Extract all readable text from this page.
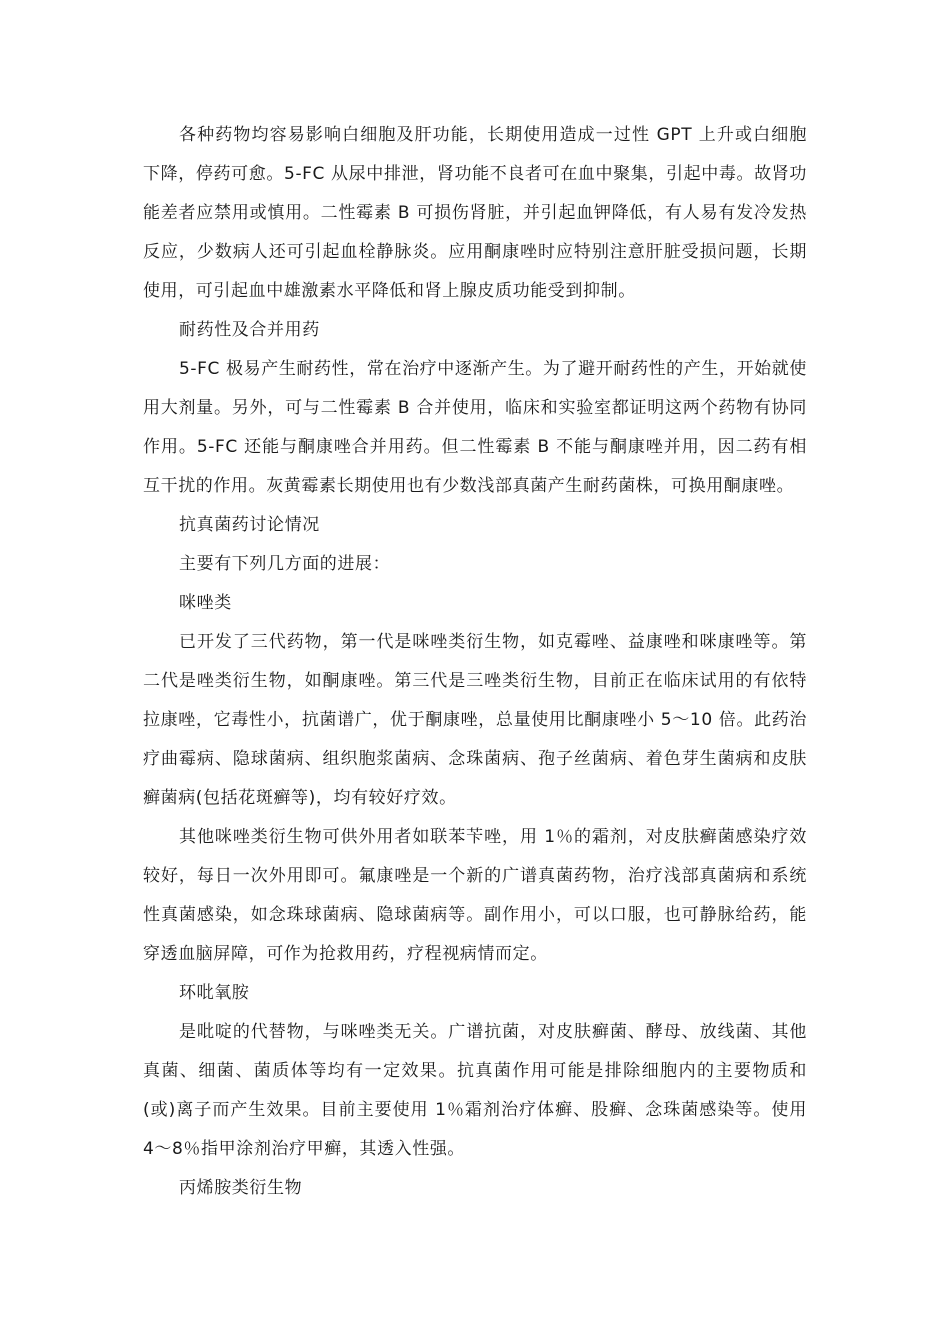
各种药物均容易影响白细胞及肝功能，长期使用造成一过性 GPT 上升或白细胞下降，停药可愈。5-FC 从尿中排泄，肾功能不良者可在血中聚集，引起中毒。故肾功能差者应禁用或慎用。二性霉素 B 可损伤肾脏，并引起血钾降低，有人易有发冷发热反应，少数病人还可引起血栓静脉炎。应用酮康唑时应特别注意肝脏受损问题，长期使用，可引起血中雄激素水平降低和肾上腺皮质功能受到抑制。

耐药性及合并用药

5-FC 极易产生耐药性，常在治疗中逐渐产生。为了避开耐药性的产生，开始就使用大剂量。另外，可与二性霉素 B 合并使用，临床和实验室都证明这两个药物有协同作用。5-FC 还能与酮康唑合并用药。但二性霉素 B 不能与酮康唑并用，因二药有相互干扰的作用。灰黄霉素长期使用也有少数浅部真菌产生耐药菌株，可换用酮康唑。

抗真菌药讨论情况

主要有下列几方面的进展：

咪唑类

已开发了三代药物，第一代是咪唑类衍生物，如克霉唑、益康唑和咪康唑等。第二代是唑类衍生物，如酮康唑。第三代是三唑类衍生物，目前正在临床试用的有依特拉康唑，它毒性小，抗菌谱广，优于酮康唑，总量使用比酮康唑小 5～10 倍。此药治疗曲霉病、隐球菌病、组织胞浆菌病、念珠菌病、孢子丝菌病、着色芽生菌病和皮肤癣菌病(包括花斑癣等)，均有较好疗效。

其他咪唑类衍生物可供外用者如联苯苄唑，用 1％的霜剂，对皮肤癣菌感染疗效较好，每日一次外用即可。氟康唑是一个新的广谱真菌药物，治疗浅部真菌病和系统性真菌感染，如念珠球菌病、隐球菌病等。副作用小，可以口服，也可静脉给药，能穿透血脑屏障，可作为抢救用药，疗程视病情而定。

环吡氧胺

是吡啶的代替物，与咪唑类无关。广谱抗菌，对皮肤癣菌、酵母、放线菌、其他真菌、细菌、菌质体等均有一定效果。抗真菌作用可能是排除细胞内的主要物质和(或)离子而产生效果。目前主要使用 1％霜剂治疗体癣、股癣、念珠菌感染等。使用 4～8％指甲涂剂治疗甲癣，其透入性强。

丙烯胺类衍生物
